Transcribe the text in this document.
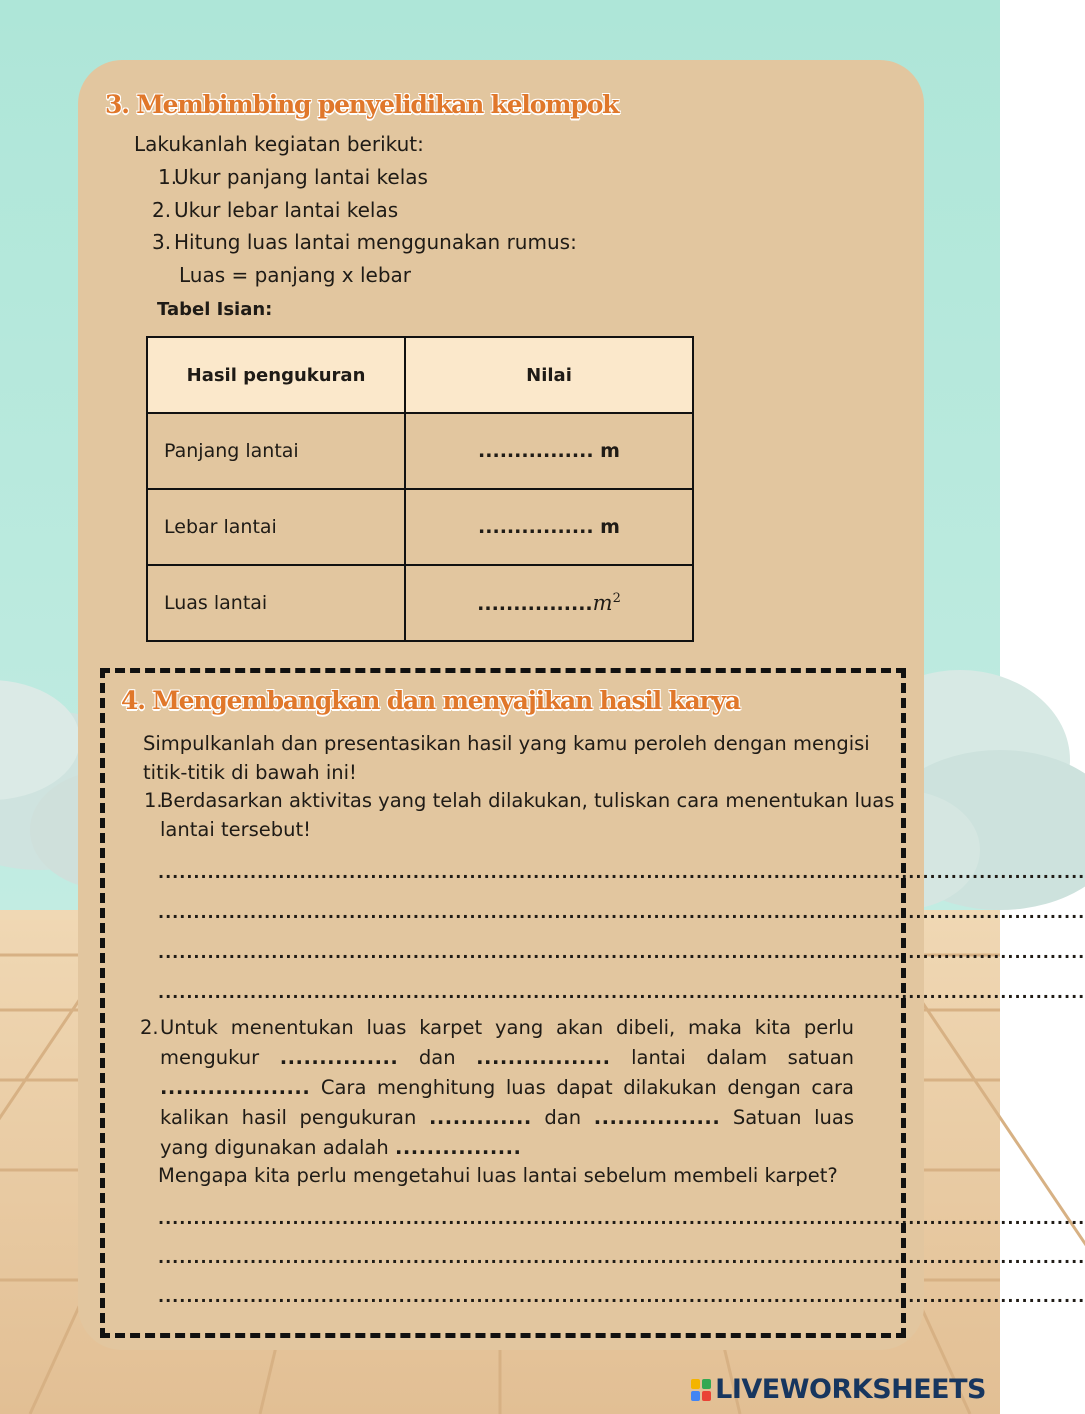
3. Membimbing penyelidikan kelompok
Lakukanlah kegiatan berikut:
1.
Ukur panjang lantai kelas
2. Ukur lebar lantai kelas
3. Hitung luas lantai menggunakan rumus:
Luas = panjang x lebar
Tabel Isian:
Hasil pengukuran	Nilai
Panjang lantai	................ m
Lebar lantai	................ m
Luas lantai	$................m^2$
4. Mengembangkan dan menyajikan hasil karya
Simpulkanlah dan presentasikan hasil yang kamu peroleh dengan mengisi
titik-titik di bawah ini!
1.
Berdasarkan aktivitas yang telah dilakukan, tuliskan cara menentukan luas
lantai tersebut!
...................................................................................................................................
...................................................................................................................................
...................................................................................................................................
...................................................................................................................................
2. Untuk menentukan luas karpet yang akan dibeli, maka kita perlu mengukur ............... dan ................. lantai dalam satuan ................... Cara menghitung luas dapat dilakukan dengan cara kalikan hasil pengukuran ............. dan ................ Satuan luas yang digunakan adalah ................
Mengapa kita perlu mengetahui luas lantai sebelum membeli karpet?
...................................................................................................................................
...................................................................................................................................
...................................................................................................................................
LIVEWORKSHEETS
